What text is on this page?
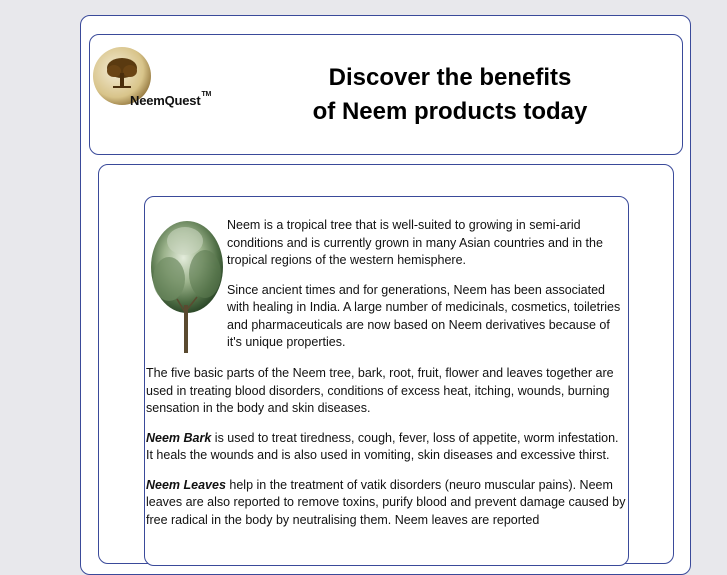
NeemQuest™
Discover the benefits
of Neem products today

Neem is a tropical tree that is well-suited to growing in semi-arid conditions and is currently grown in many Asian countries and in the tropical regions of the western hemisphere.

Since ancient times and for generations, Neem has been associated with healing in India. A large number of medicinals, cosmetics, toiletries and pharmaceuticals are now based on Neem derivatives because of it's unique properties.

The five basic parts of the Neem tree, bark, root, fruit, flower and leaves together are used in treating blood disorders, conditions of excess heat, itching, wounds, burning sensation in the body and skin diseases.

Neem Bark is used to treat tiredness, cough, fever, loss of appetite, worm infestation. It heals the wounds and is also used in vomiting, skin diseases and excessive thirst.

Neem Leaves help in the treatment of vatik disorders (neuro muscular pains). Neem leaves are also reported to remove toxins, purify blood and prevent damage caused by free radical in the body by neutralising them. Neem leaves are reported
